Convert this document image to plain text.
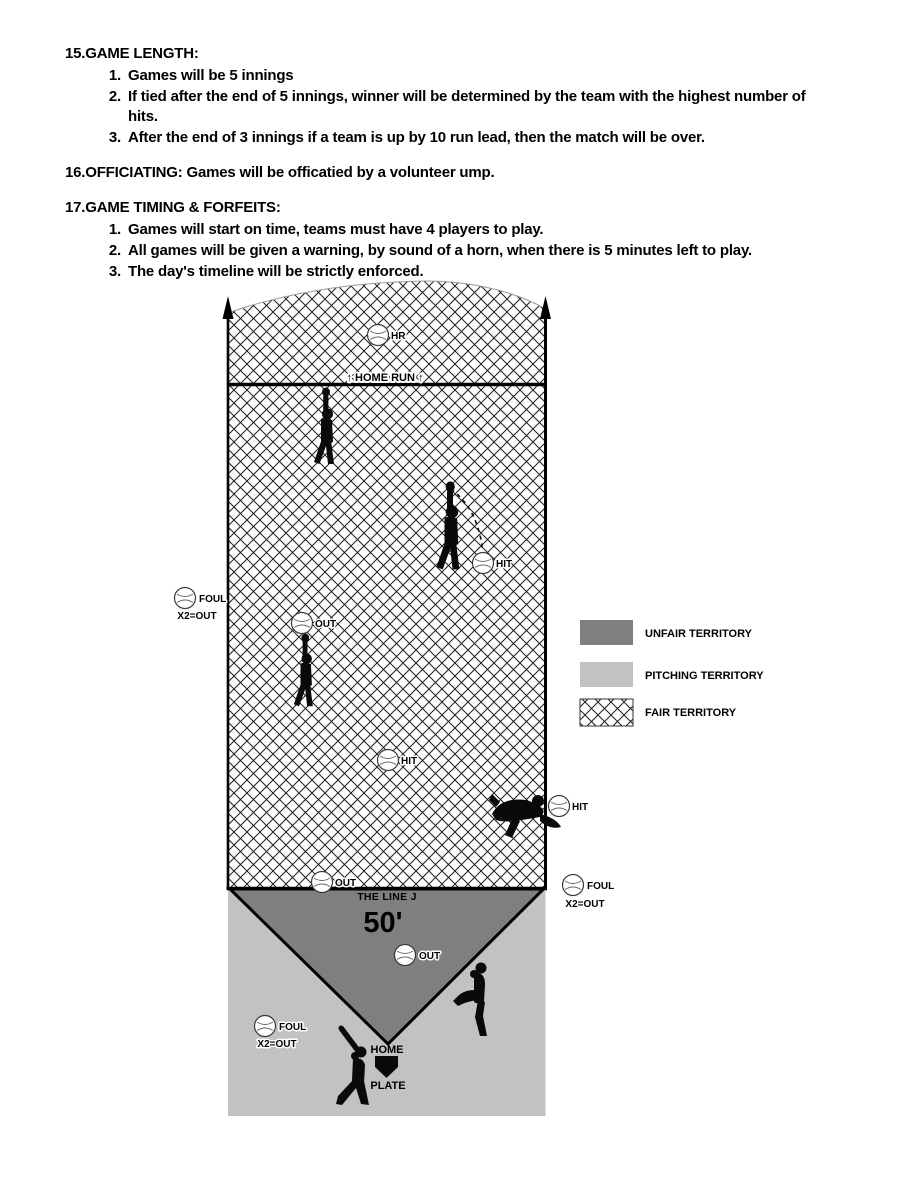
15.GAME LENGTH:
1. Games will be 5 innings
2. If tied after the end of 5 innings, winner will be determined by the team with the highest number of hits.
3. After the end of 3 innings if a team is up by 10 run lead, then the match will be over.
16.OFFICIATING: Games will be officatied by a volunteer ump.
17.GAME TIMING & FORFEITS:
1. Games will start on time, teams must have 4 players to play.
2. All games will be given a warning, by sound of a horn, when there is 5 minutes left to play.
3. The day's timeline will be strictly enforced.
↑ HOME RUN ↑
HOME
PLATE
THE LINE J
50'
HR
HIT
FOUL
X2=OUT
OUT
HIT
HIT
OUT	FOUL
X2=OUT
OUT
FOUL
X2=OUT
UNFAIR TERRITORY
PITCHING TERRITORY
FAIR TERRITORY
